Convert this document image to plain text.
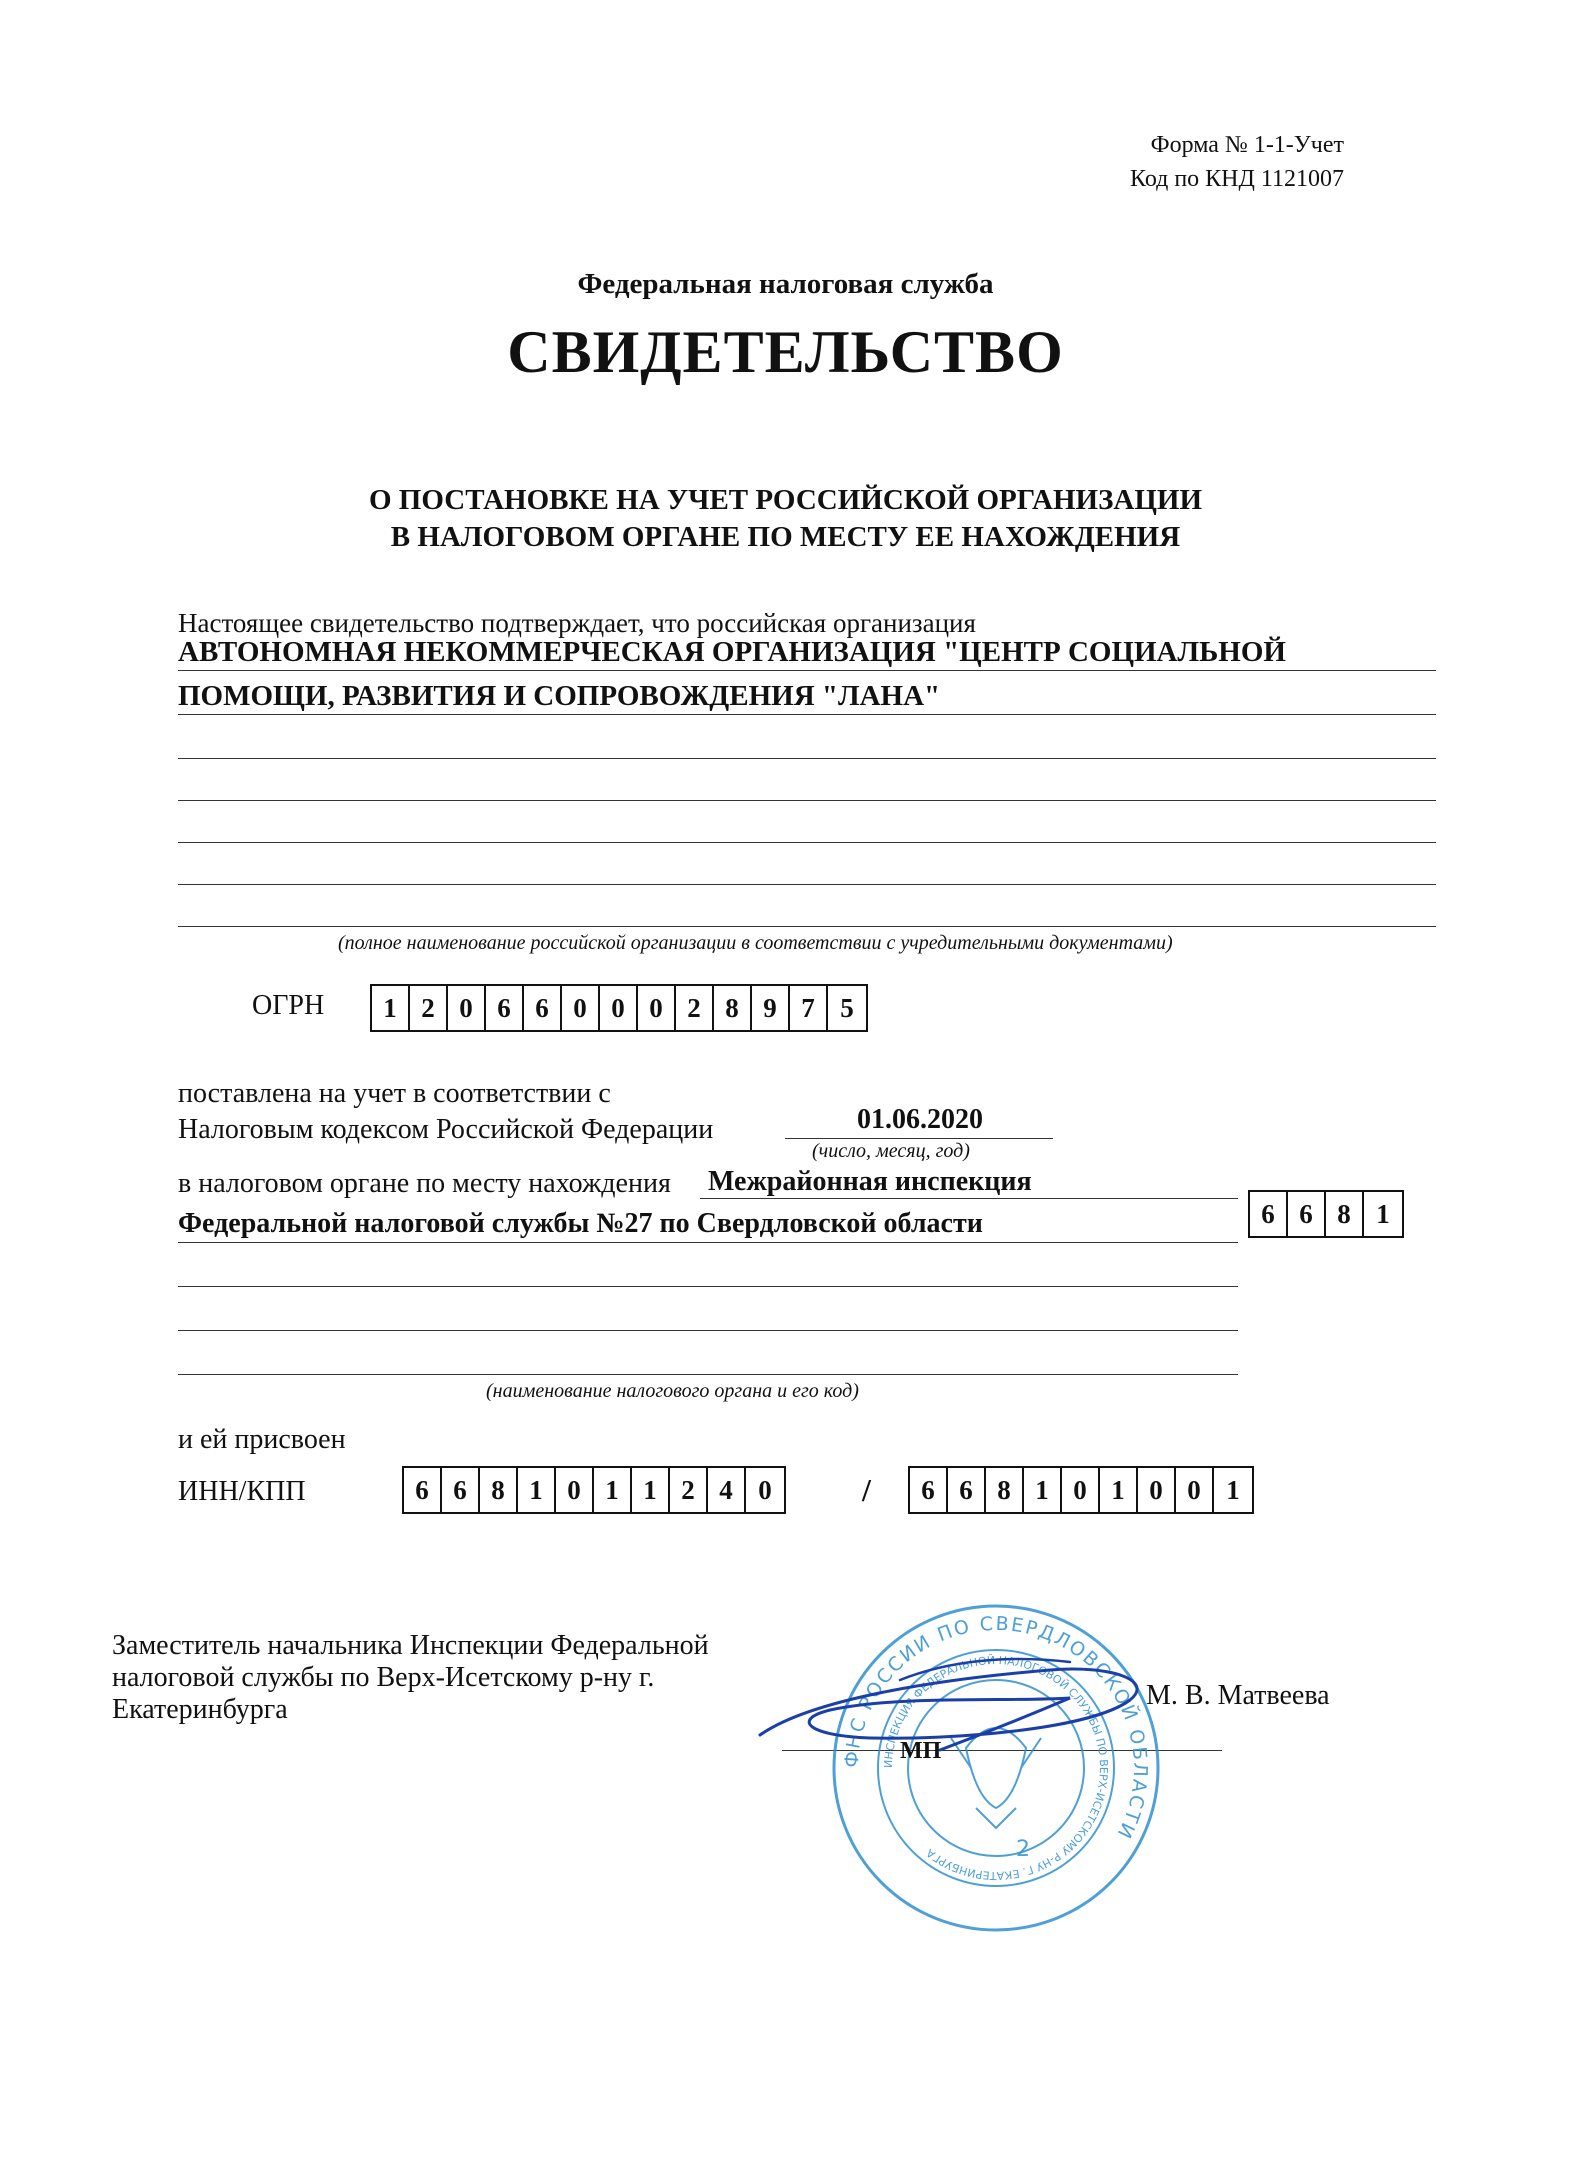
Форма № 1-1-Учет
Код по КНД 1121007
Федеральная налоговая служба
СВИДЕТЕЛЬСТВО
О ПОСТАНОВКЕ НА УЧЕТ РОССИЙСКОЙ ОРГАНИЗАЦИИ
В НАЛОГОВОМ ОРГАНЕ ПО МЕСТУ ЕЕ НАХОЖДЕНИЯ
Настоящее свидетельство подтверждает, что российская организация
АВТОНОМНАЯ НЕКОММЕРЧЕСКАЯ ОРГАНИЗАЦИЯ "ЦЕНТР СОЦИАЛЬНОЙ
ПОМОЩИ, РАЗВИТИЯ И СОПРОВОЖДЕНИЯ "ЛАНА"
(полное наименование российской организации в соответствии с учредительными документами)
ОГРН	1 2 0 6 6 0 0 0 2 8 9 7 5
поставлена на учет в соответствии с
Налоговым кодексом Российской Федерации	01.06.2020
(число, месяц, год)
в налоговом органе по месту нахождения Межрайонная инспекция
Федеральной налоговой службы №27 по Свердловской области	6 6 8 1
(наименование налогового органа и его код)
и ей присвоен
ИНН/КПП	6 6 8 1 0 1 1 2 4 0	/	6 6 8 1 0 1 0 0 1
Заместитель начальника Инспекции Федеральной
налоговой службы по Верх-Исетскому р-ну г.
Екатеринбурга
ФНС РОССИИ ПО СВЕРДЛОВСКОЙ ОБЛАСТИ
ИНСПЕКЦИЯ ФЕДЕРАЛЬНОЙ НАЛОГОВОЙ СЛУЖБЫ ПО ВЕРХ-ИСЕТСКОМУ Р-НУ Г. ЕКАТЕРИНБУРГА	2
М. В. Матвеева
МП
